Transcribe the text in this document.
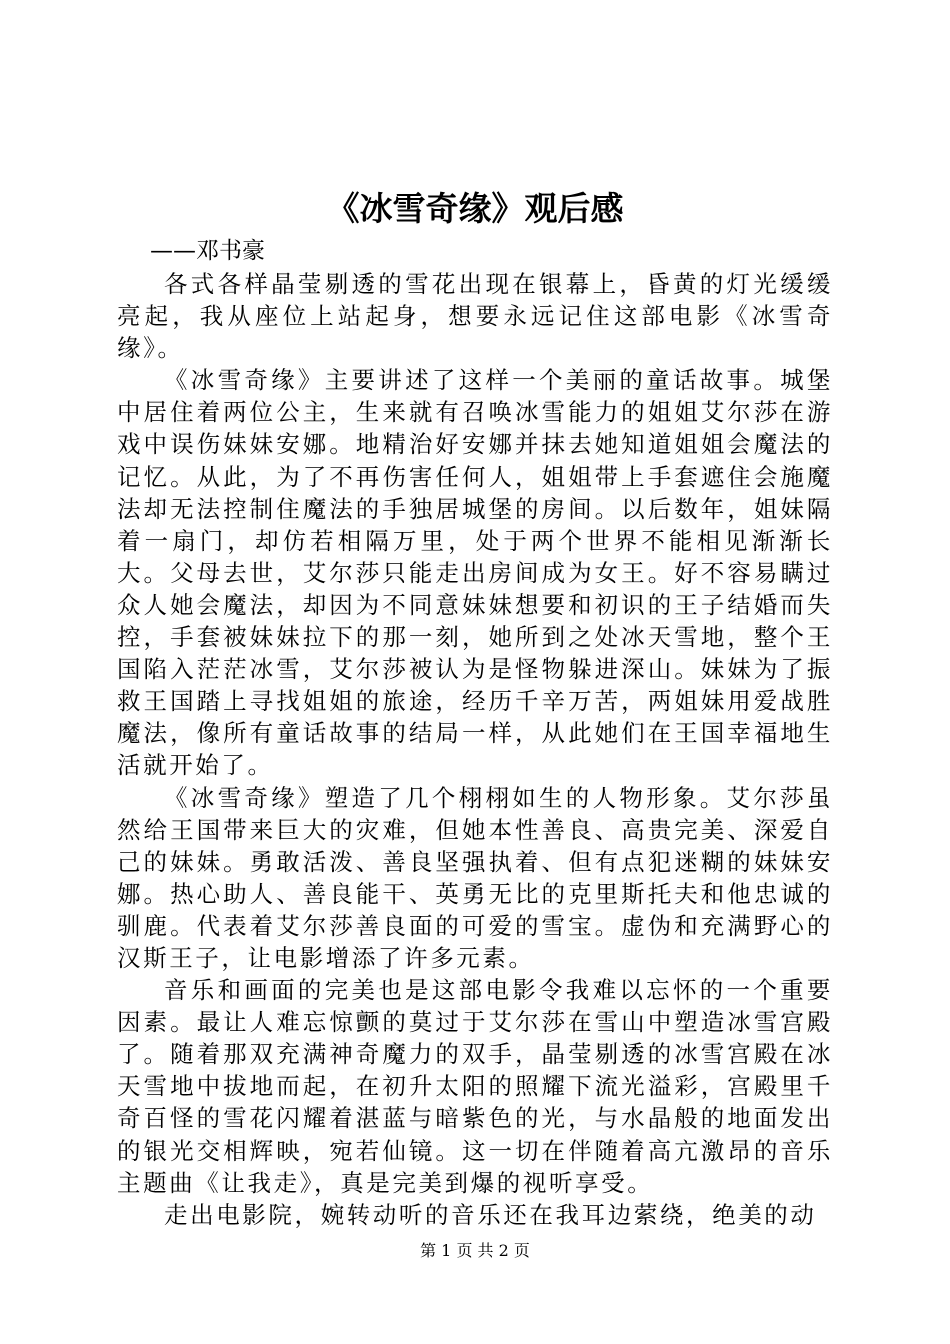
《冰雪奇缘》观后感
——邓书豪

各式各样晶莹剔透的雪花出现在银幕上，昏黄的灯光缓缓亮起，我从座位上站起身，想要永远记住这部电影《冰雪奇缘》。

《冰雪奇缘》主要讲述了这样一个美丽的童话故事。城堡中居住着两位公主，生来就有召唤冰雪能力的姐姐艾尔莎在游戏中误伤妹妹安娜。地精治好安娜并抹去她知道姐姐会魔法的记忆。从此，为了不再伤害任何人，姐姐带上手套遮住会施魔法却无法控制住魔法的手独居城堡的房间。以后数年，姐妹隔着一扇门，却仿若相隔万里，处于两个世界不能相见渐渐长大。父母去世，艾尔莎只能走出房间成为女王。好不容易瞒过众人她会魔法，却因为不同意妹妹想要和初识的王子结婚而失控，手套被妹妹拉下的那一刻，她所到之处冰天雪地，整个王国陷入茫茫冰雪，艾尔莎被认为是怪物躲进深山。妹妹为了振救王国踏上寻找姐姐的旅途，经历千辛万苦，两姐妹用爱战胜魔法，像所有童话故事的结局一样，从此她们在王国幸福地生活就开始了。

《冰雪奇缘》塑造了几个栩栩如生的人物形象。艾尔莎虽然给王国带来巨大的灾难，但她本性善良、高贵完美、深爱自己的妹妹。勇敢活泼、善良坚强执着、但有点犯迷糊的妹妹安娜。热心助人、善良能干、英勇无比的克里斯托夫和他忠诚的驯鹿。代表着艾尔莎善良面的可爱的雪宝。虚伪和充满野心的汉斯王子，让电影增添了许多元素。

音乐和画面的完美也是这部电影令我难以忘怀的一个重要因素。最让人难忘惊颤的莫过于艾尔莎在雪山中塑造冰雪宫殿了。随着那双充满神奇魔力的双手，晶莹剔透的冰雪宫殿在冰天雪地中拔地而起，在初升太阳的照耀下流光溢彩，宫殿里千奇百怪的雪花闪耀着湛蓝与暗紫色的光，与水晶般的地面发出的银光交相辉映，宛若仙镜。这一切在伴随着高亢激昂的音乐主题曲《让我走》，真是完美到爆的视听享受。

走出电影院，婉转动听的音乐还在我耳边萦绕，绝美的动

第 1 页 共 2 页
